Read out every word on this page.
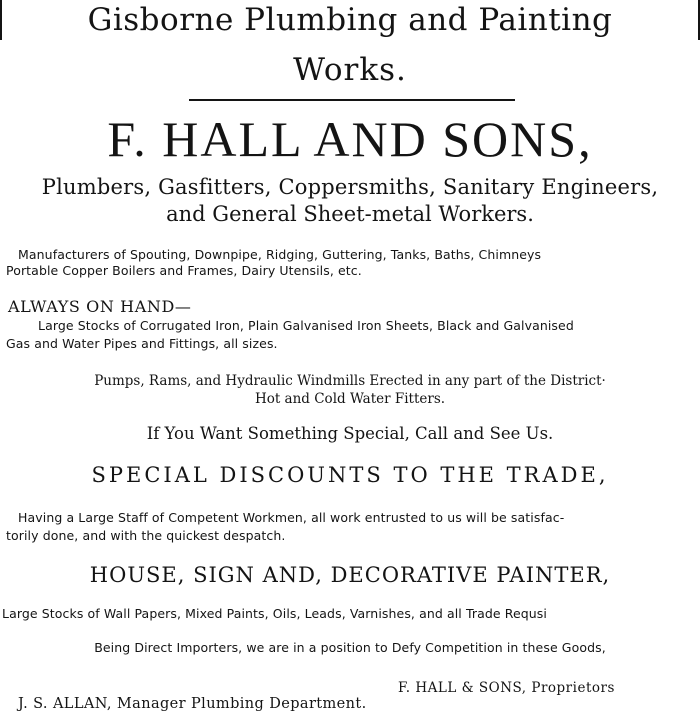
Gisborne Plumbing and Painting
Works.
F. HALL AND SONS,
Plumbers, Gasfitters, Coppersmiths, Sanitary Engineers,
and General Sheet-metal Workers.
Manufacturers of Spouting, Downpipe, Ridging, Guttering, Tanks, Baths, Chimneys
Portable Copper Boilers and Frames, Dairy Utensils, etc.
ALWAYS ON HAND—
Large Stocks of Corrugated Iron, Plain Galvanised Iron Sheets, Black and Galvanised
Gas and Water Pipes and Fittings, all sizes.
Pumps, Rams, and Hydraulic Windmills Erected in any part of the District·
Hot and Cold Water Fitters.
If You Want Something Special, Call and See Us.
SPECIAL DISCOUNTS TO THE TRADE,
Having a Large Staff of Competent Workmen, all work entrusted to us will be satisfac-
torily done, and with the quickest despatch.
HOUSE, SIGN AND, DECORATIVE PAINTER,
Large Stocks of Wall Papers, Mixed Paints, Oils, Leads, Varnishes, and all Trade Requsi
Being Direct Importers, we are in a position to Defy Competition in these Goods,
F. HALL & SONS, Proprietors
J. S. ALLAN, Manager Plumbing Department.
